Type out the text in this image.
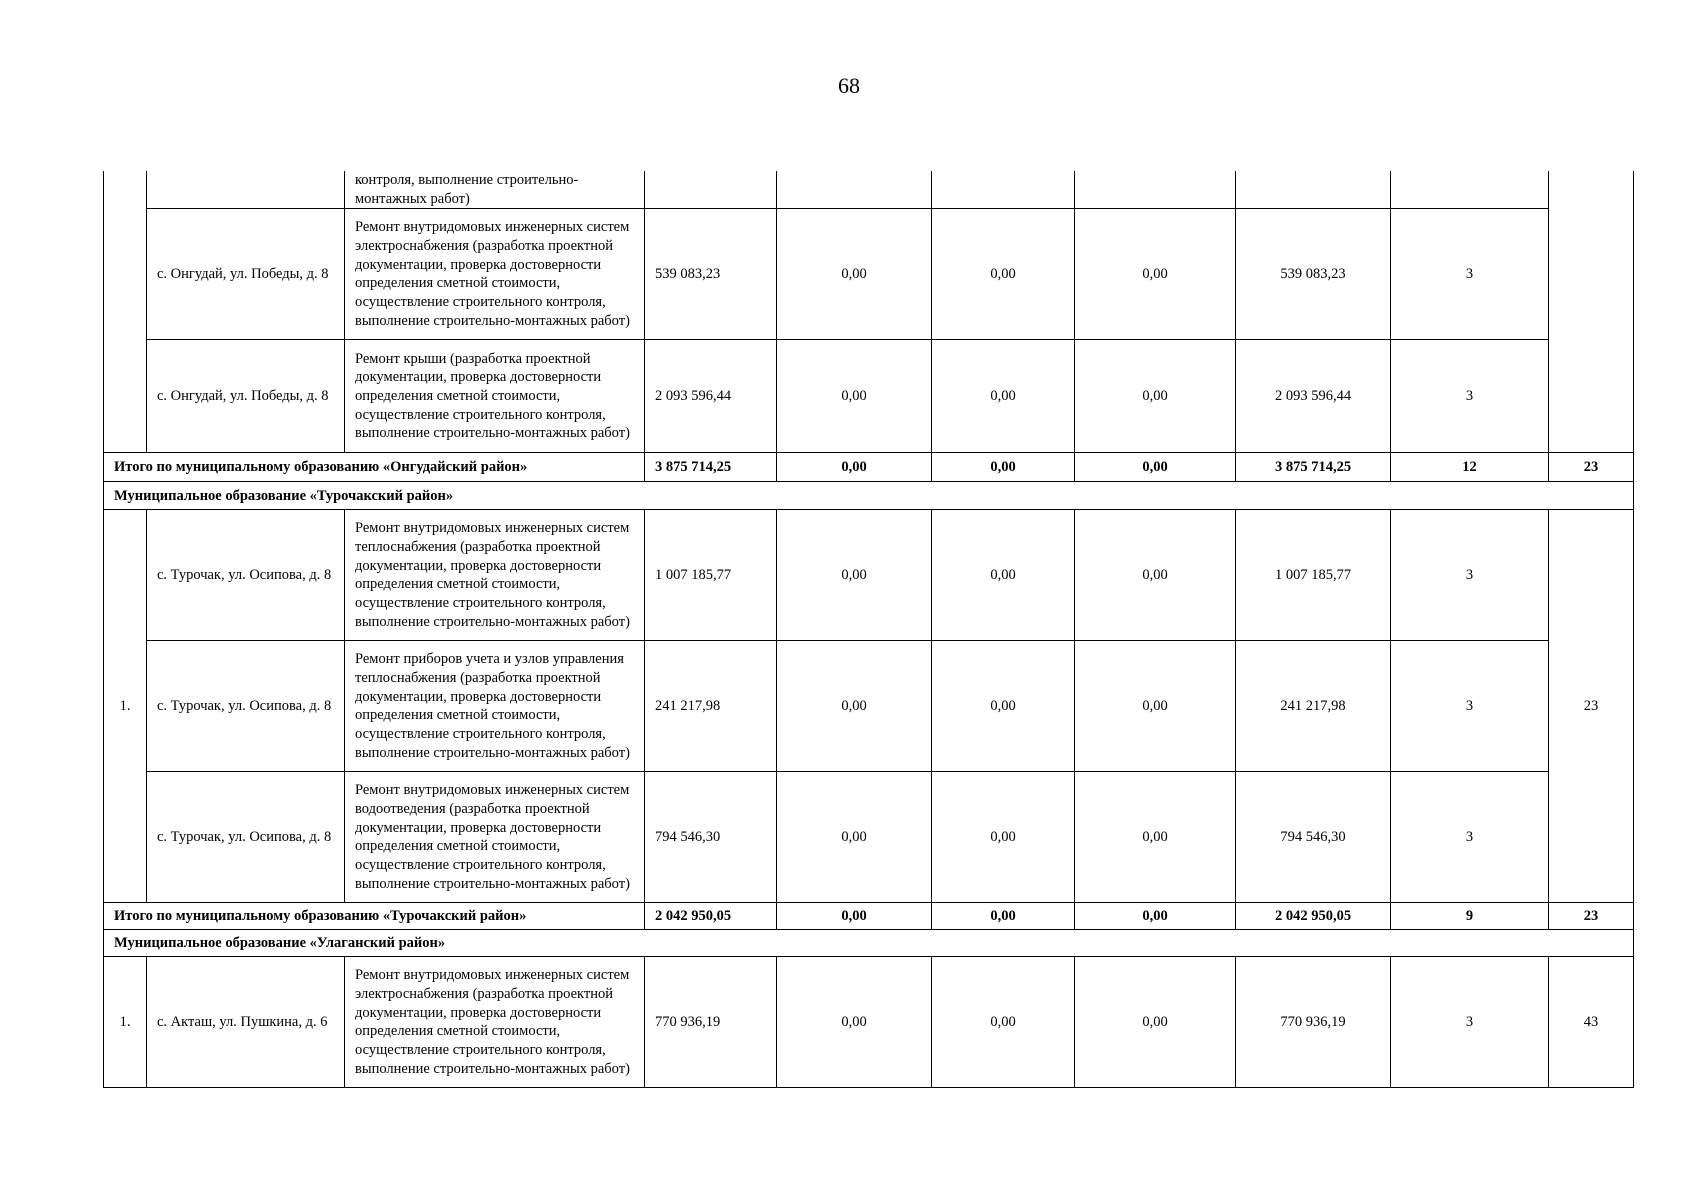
68
		контроля, выполнение строительно-монтажных работ)							
	с. Онгудай, ул. Победы, д. 8	Ремонт внутридомовых инженерных систем электроснабжения (разработка проектной документации, проверка достоверности определения сметной стоимости, осуществление строительного контроля, выполнение строительно-монтажных работ)	539 083,23	0,00	0,00	0,00	539 083,23	3	
	с. Онгудай, ул. Победы, д. 8	Ремонт крыши (разработка проектной документации, проверка достоверности определения сметной стоимости, осуществление строительного контроля, выполнение строительно-монтажных работ)	2 093 596,44	0,00	0,00	0,00	2 093 596,44	3	
Итого по муниципальному образованию «Онгудайский район»			3 875 714,25	0,00	0,00	0,00	3 875 714,25	12	23
Муниципальное образование «Турочакский район»									
1.	с. Турочак, ул. Осипова, д. 8	Ремонт внутридомовых инженерных систем теплоснабжения (разработка проектной документации, проверка достоверности определения сметной стоимости, осуществление строительного контроля, выполнение строительно-монтажных работ)	1 007 185,77	0,00	0,00	0,00	1 007 185,77	3	23
	с. Турочак, ул. Осипова, д. 8	Ремонт приборов учета и узлов управления теплоснабжения (разработка проектной документации, проверка достоверности определения сметной стоимости, осуществление строительного контроля, выполнение строительно-монтажных работ)	241 217,98	0,00	0,00	0,00	241 217,98	3	
	с. Турочак, ул. Осипова, д. 8	Ремонт внутридомовых инженерных систем водоотведения (разработка проектной документации, проверка достоверности определения сметной стоимости, осуществление строительного контроля, выполнение строительно-монтажных работ)	794 546,30	0,00	0,00	0,00	794 546,30	3	
Итого по муниципальному образованию «Турочакский район»			2 042 950,05	0,00	0,00	0,00	2 042 950,05	9	23
Муниципальное образование «Улаганский район»									
1.	с. Акташ, ул. Пушкина, д. 6	Ремонт внутридомовых инженерных систем электроснабжения (разработка проектной документации, проверка достоверности определения сметной стоимости, осуществление строительного контроля, выполнение строительно-монтажных работ)	770 936,19	0,00	0,00	0,00	770 936,19	3	43
